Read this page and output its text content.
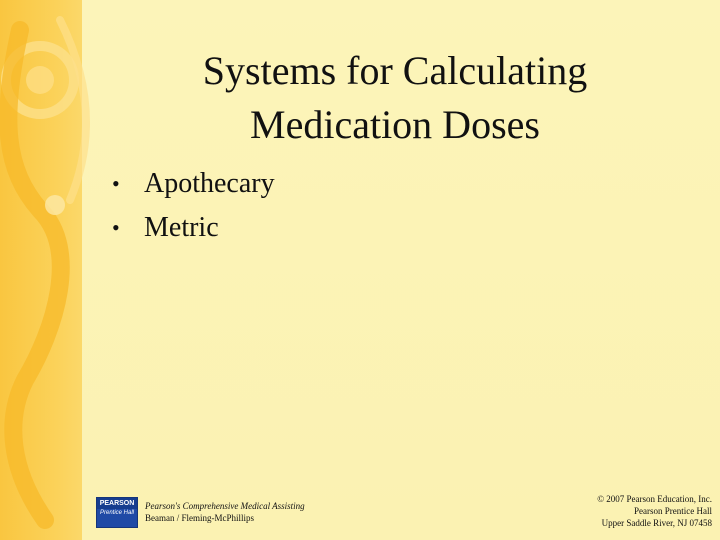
Systems for Calculating
Medication Doses
• Apothecary
• Metric
PEARSON
Prentice Hall
Pearson's Comprehensive Medical Assisting
Beaman / Fleming-McPhillips
© 2007 Pearson Education, Inc.
Pearson Prentice Hall
Upper Saddle River, NJ 07458
